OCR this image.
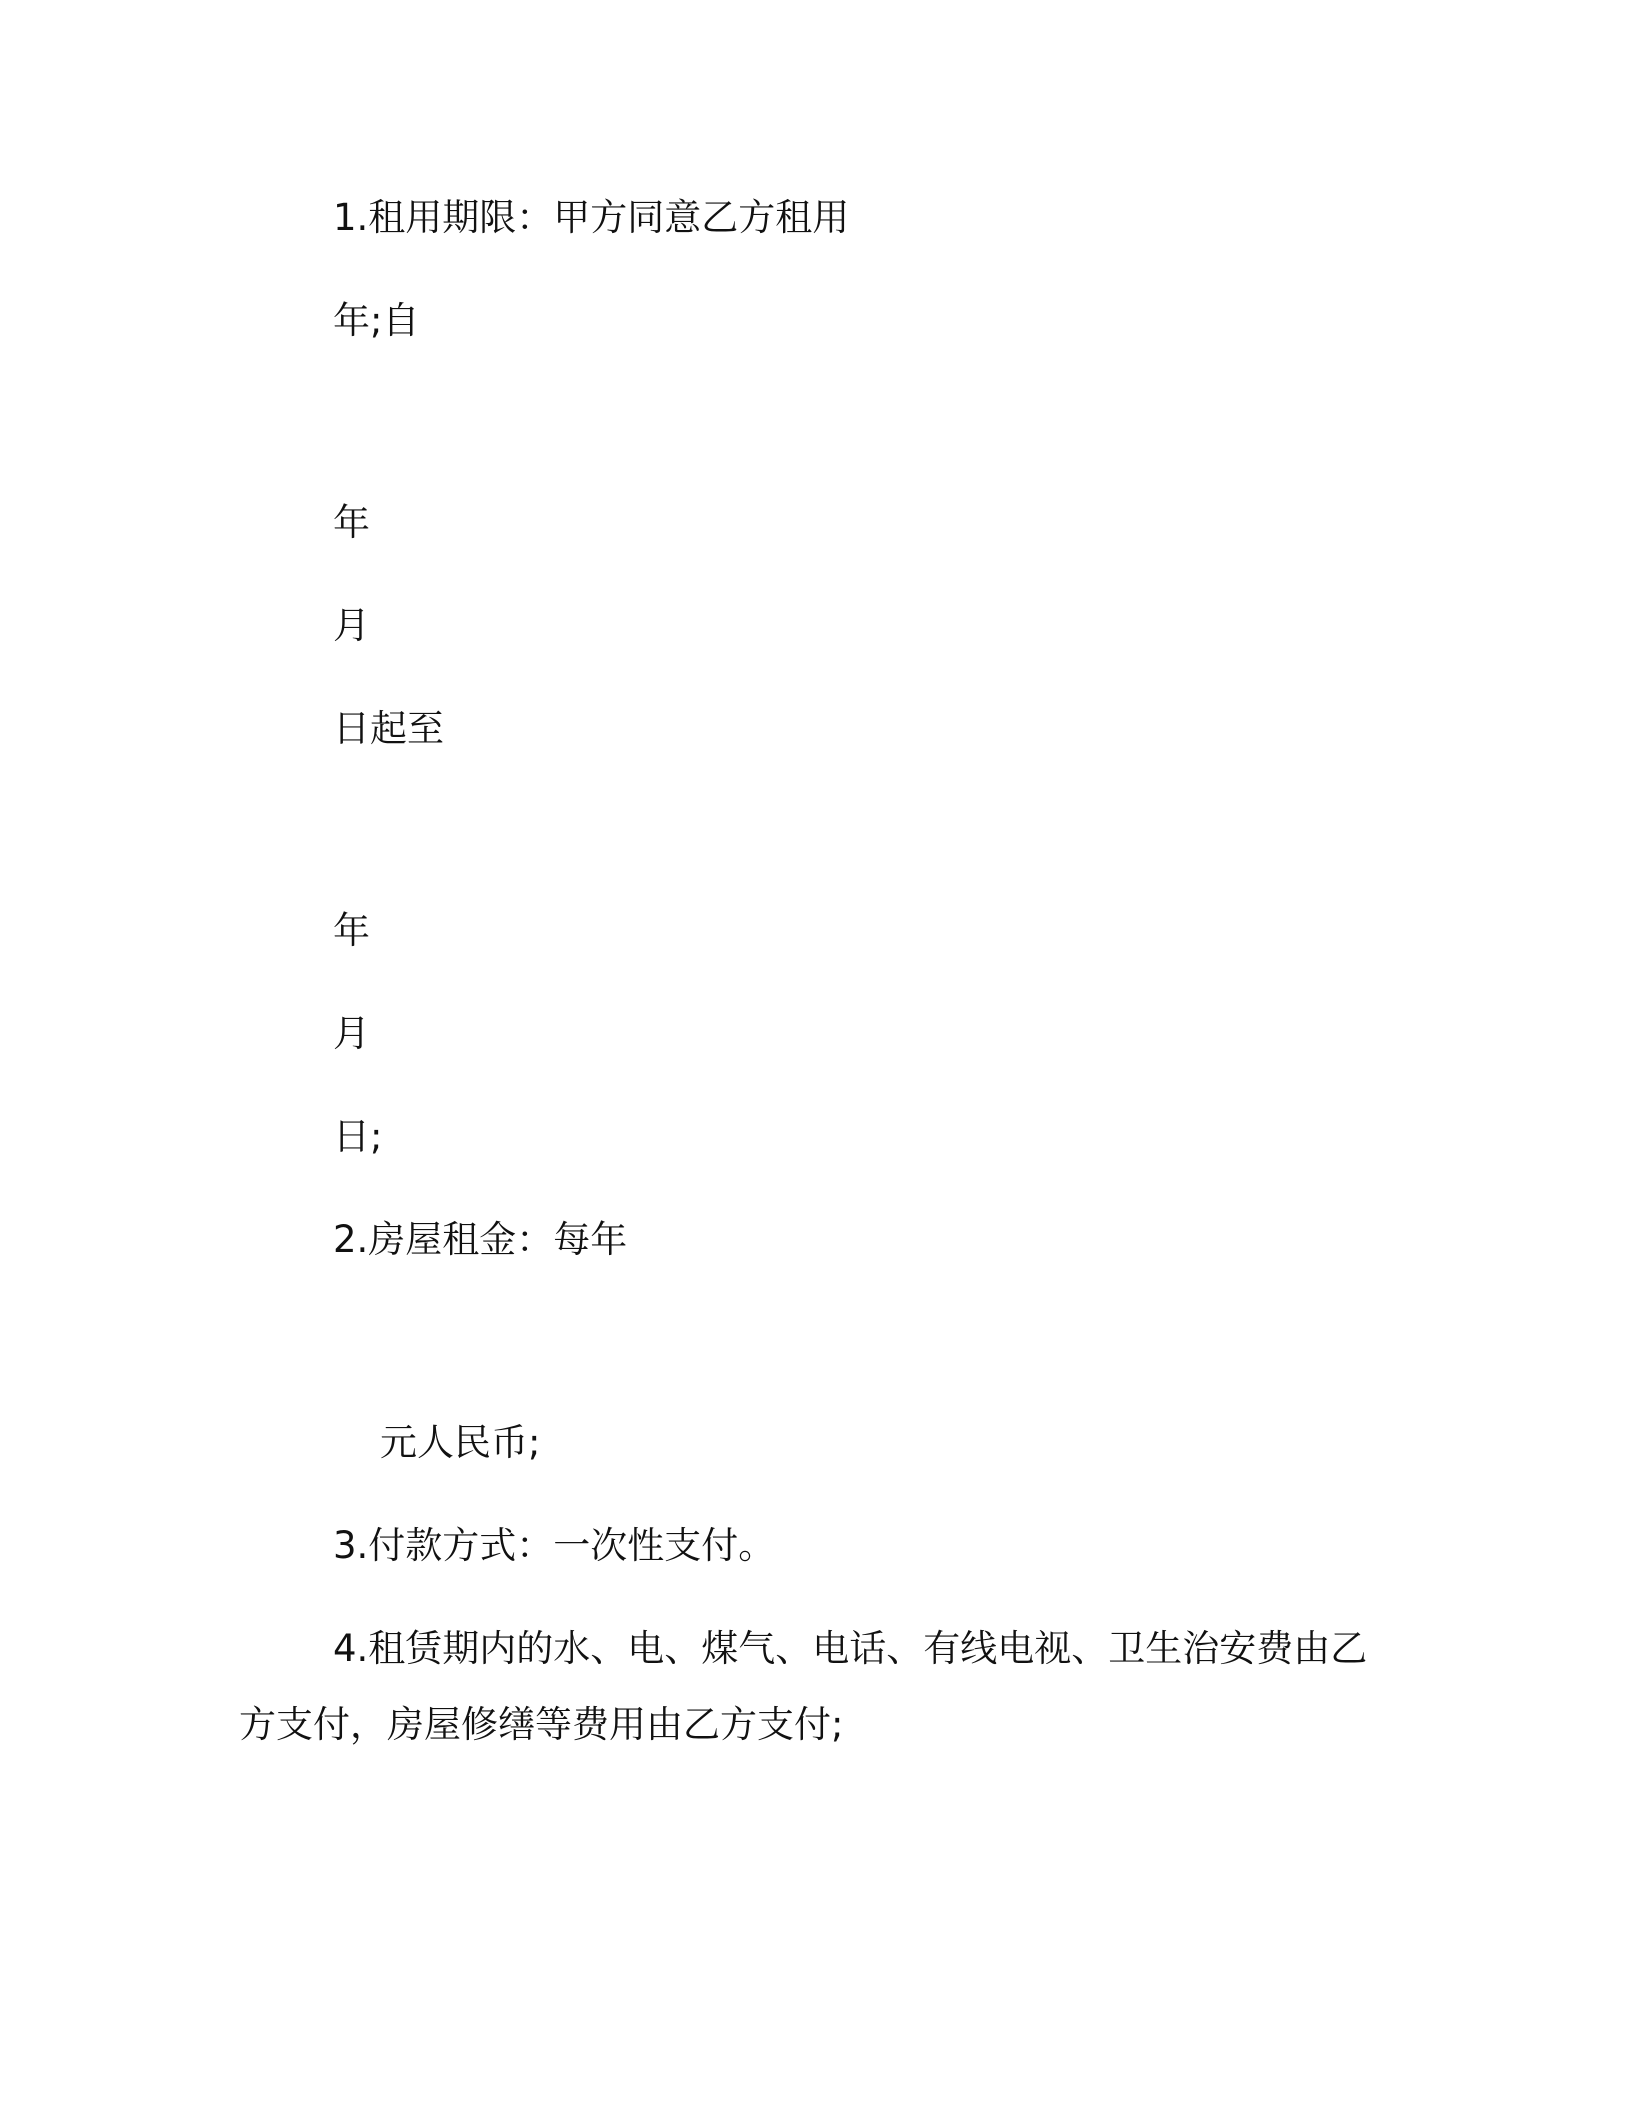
1.租用期限：甲方同意乙方租用

年;自

年

月

日起至

年

月

日;

2.房屋租金：每年

元人民币;

3.付款方式：一次性支付。

4.租赁期内的水、电、煤气、电话、有线电视、卫生治安费由乙

方支付，房屋修缮等费用由乙方支付;
